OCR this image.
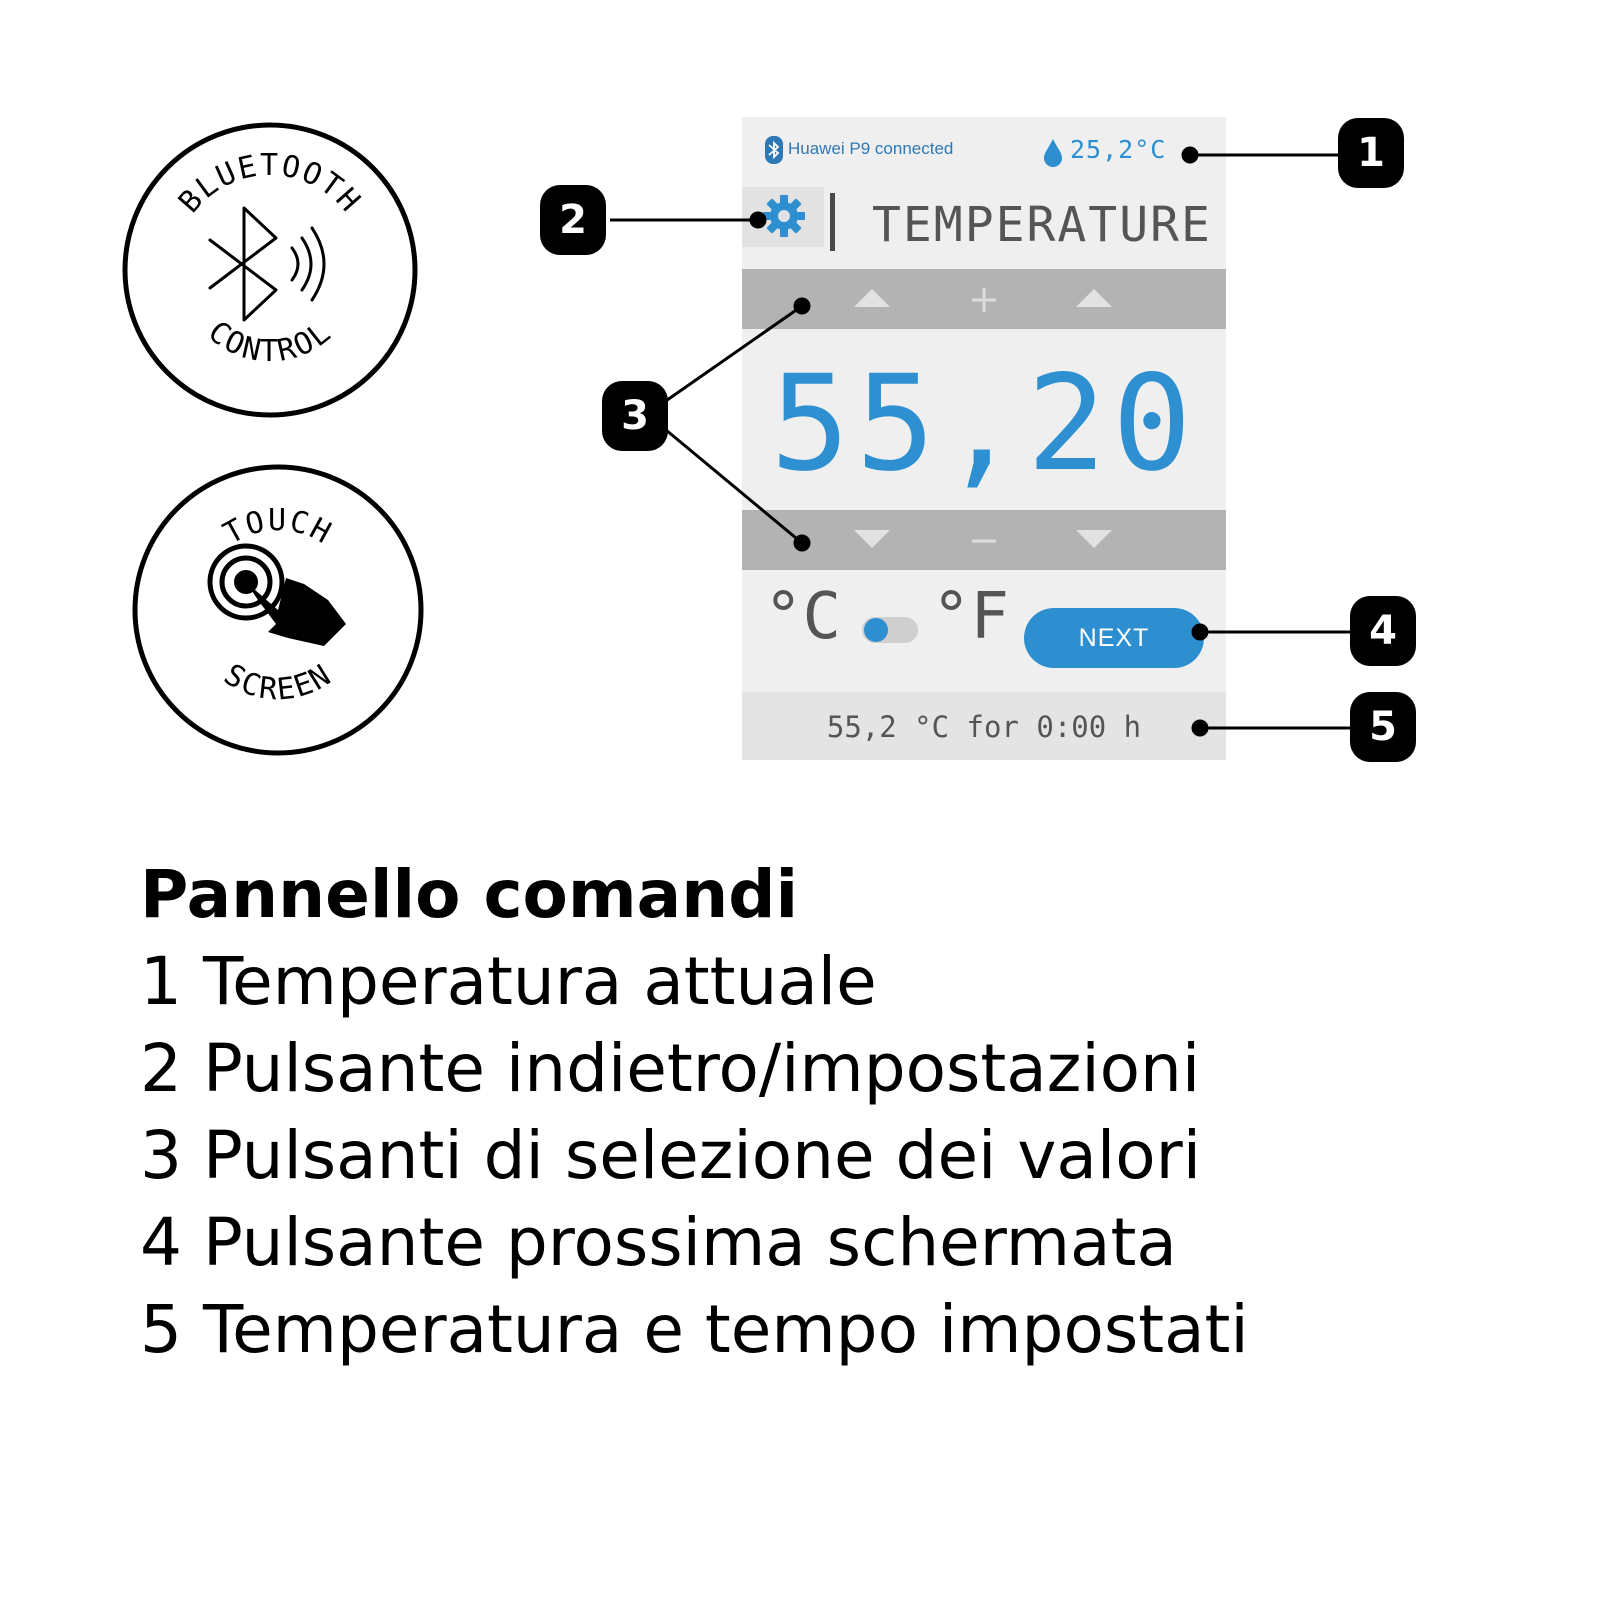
BLUETOOTH
CONTROL
TOUCH
SCREEN
Huawei P9 connected	25,2°C
TEMPERATURE
+
55,20
−
°C °F	NEXT
55,2 °C for 0:00 h
1
2
3
4
5
Pannello comandi
1 Temperatura attuale
2 Pulsante indietro/impostazioni
3 Pulsanti di selezione dei valori
4 Pulsante prossima schermata
5 Temperatura e tempo impostati
